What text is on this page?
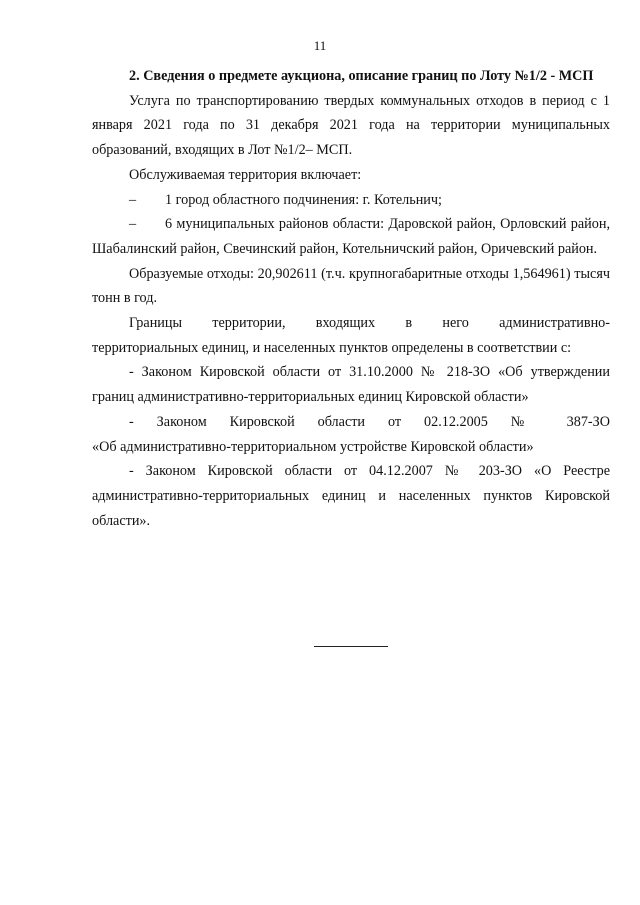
11

2. Сведения о предмете аукциона, описание границ по Лоту №1/2 - МСП

Услуга по транспортированию твердых коммунальных отходов в период с 1 января 2021 года по 31 декабря 2021 года на территории муниципальных образований, входящих в Лот №1/2– МСП.

Обслуживаемая территория включает:

– 1 город областного подчинения: г. Котельнич;

– 6 муниципальных районов области: Даровской район, Орловский район, Шабалинский район, Свечинский район, Котельничский район, Оричевский район.

Образуемые отходы: 20,902611 (т.ч. крупногабаритные отходы 1,564961) тысяч тонн в год.

Границы территории, входящих в него административно-

территориальных единиц, и населенных пунктов определены в соответствии с:

- Законом Кировской области от 31.10.2000 № 218-ЗО «Об утверждении границ административно-территориальных единиц Кировской области»

- Законом Кировской области от 02.12.2005 № 387-ЗО

«Об административно-территориальном устройстве Кировской области»

- Законом Кировской области от 04.12.2007 № 203-ЗО «О Реестре административно-территориальных единиц и населенных пунктов Кировской области».
